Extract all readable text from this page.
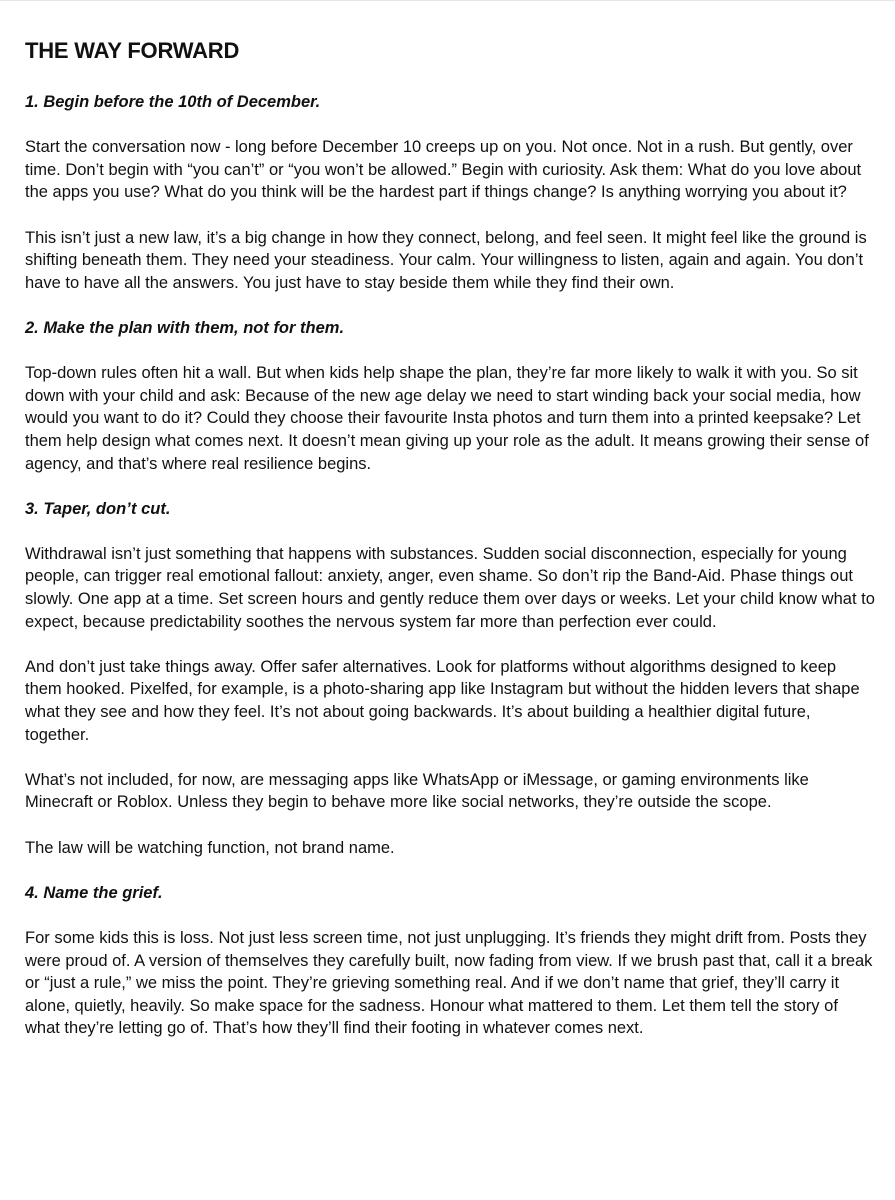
THE WAY FORWARD

1. Begin before the 10th of December.

Start the conversation now - long before December 10 creeps up on you. Not once. Not in a rush. But gently, over time. Don’t begin with “you can’t” or “you won’t be allowed.” Begin with curiosity. Ask them: What do you love about the apps you use? What do you think will be the hardest part if things change? Is anything worrying you about it?

This isn’t just a new law, it’s a big change in how they connect, belong, and feel seen. It might feel like the ground is shifting beneath them. They need your steadiness. Your calm. Your willingness to listen, again and again. You don’t have to have all the answers. You just have to stay beside them while they find their own.

2. Make the plan with them, not for them.

Top-down rules often hit a wall. But when kids help shape the plan, they’re far more likely to walk it with you. So sit down with your child and ask: Because of the new age delay we need to start winding back your social media, how would you want to do it? Could they choose their favourite Insta photos and turn them into a printed keepsake? Let them help design what comes next. It doesn’t mean giving up your role as the adult. It means growing their sense of agency, and that’s where real resilience begins.

3. Taper, don’t cut.

Withdrawal isn’t just something that happens with substances. Sudden social disconnection, especially for young people, can trigger real emotional fallout: anxiety, anger, even shame. So don’t rip the Band-Aid. Phase things out slowly. One app at a time. Set screen hours and gently reduce them over days or weeks. Let your child know what to expect, because predictability soothes the nervous system far more than perfection ever could.

And don’t just take things away. Offer safer alternatives. Look for platforms without algorithms designed to keep them hooked. Pixelfed, for example, is a photo-sharing app like Instagram but without the hidden levers that shape what they see and how they feel. It’s not about going backwards. It’s about building a healthier digital future, together.

What’s not included, for now, are messaging apps like WhatsApp or iMessage, or gaming environments like Minecraft or Roblox. Unless they begin to behave more like social networks, they’re outside the scope.

The law will be watching function, not brand name.

4. Name the grief.

For some kids this is loss. Not just less screen time, not just unplugging. It’s friends they might drift from. Posts they were proud of. A version of themselves they carefully built, now fading from view. If we brush past that, call it a break or “just a rule,” we miss the point. They’re grieving something real. And if we don’t name that grief, they’ll carry it alone, quietly, heavily. So make space for the sadness. Honour what mattered to them. Let them tell the story of what they’re letting go of. That’s how they’ll find their footing in whatever comes next.
